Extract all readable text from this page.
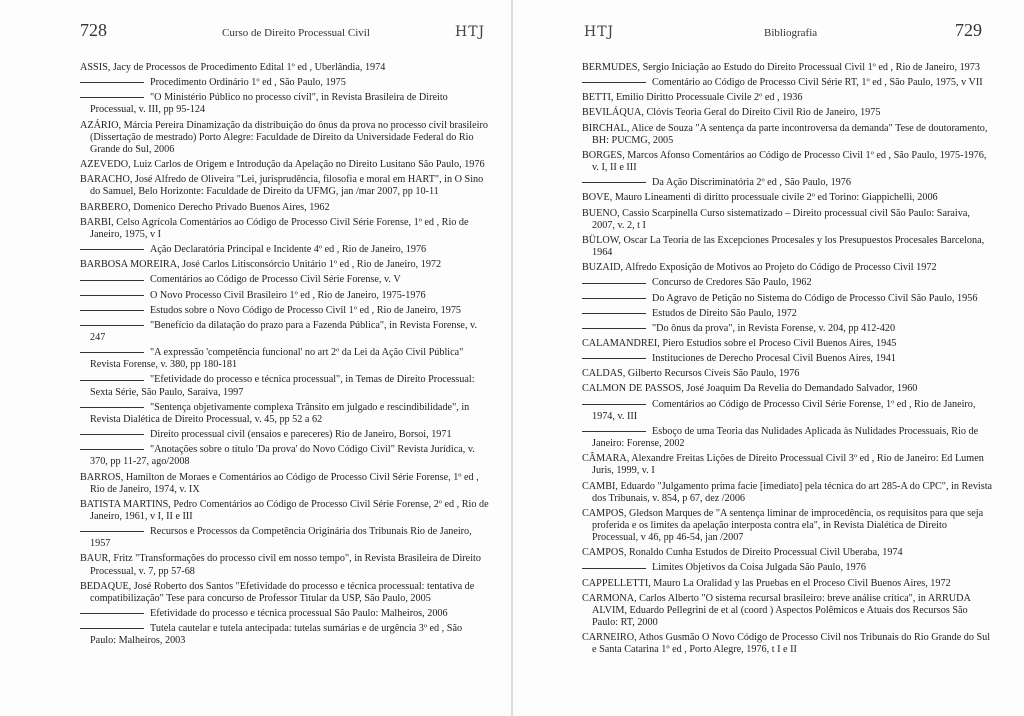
728	Curso de Direito Processual Civil	HTJ
ASSIS, Jacy de Processos de Procedimento Edital 1º ed , Uberlândia, 1974
Procedimento Ordinário 1º ed , São Paulo, 1975
"O Ministério Público no processo civil", in Revista Brasileira de Direito Processual, v. III, pp 95-124
AZÁRIO, Márcia Pereira Dinamização da distribuição do ônus da prova no processo civil brasileiro (Dissertação de mestrado) Porto Alegre: Faculdade de Direito da Universidade Federal do Rio Grande do Sul, 2006
AZEVEDO, Luiz Carlos de Origem e Introdução da Apelação no Direito Lusitano São Paulo, 1976
BARACHO, José Alfredo de Oliveira "Lei, jurisprudência, filosofia e moral em HART", in O Sino do Samuel, Belo Horizonte: Faculdade de Direito da UFMG, jan /mar 2007, pp 10-11
BARBERO, Domenico Derecho Privado Buenos Aires, 1962
BARBI, Celso Agrícola Comentários ao Código de Processo Civil Série Forense, 1º ed , Rio de Janeiro, 1975, v I
Ação Declaratória Principal e Incidente 4º ed , Rio de Janeiro, 1976
BARBOSA MOREIRA, José Carlos Litisconsórcio Unitário 1º ed , Rio de Janeiro, 1972
Comentários ao Código de Processo Civil Série Forense, v. V
O Novo Processo Civil Brasileiro 1º ed , Rio de Janeiro, 1975-1976
Estudos sobre o Novo Código de Processo Civil 1º ed , Rio de Janeiro, 1975
"Benefício da dilatação do prazo para a Fazenda Pública", in Revista Forense, v. 247
"A expressão 'competência funcional' no art 2º da Lei da Ação Civil Pública" Revista Forense, v. 380, pp 180-181
"Efetividade do processo e técnica processual", in Temas de Direito Processual: Sexta Série, São Paulo, Saraiva, 1997
"Sentença objetivamente complexa Trânsito em julgado e rescindibilidade", in Revista Dialética de Direito Processual, v. 45, pp 52 a 62
Direito processual civil (ensaios e pareceres) Rio de Janeiro, Borsoi, 1971
"Anotações sobre o título 'Da prova' do Novo Código Civil" Revista Jurídica, v. 370, pp 11-27, ago/2008
BARROS, Hamilton de Moraes e Comentários ao Código de Processo Civil Série Forense, 1º ed , Rio de Janeiro, 1974, v. IX
BATISTA MARTINS, Pedro Comentários ao Código de Processo Civil Série Forense, 2º ed , Rio de Janeiro, 1961, v I, II e III
Recursos e Processos da Competência Originária dos Tribunais Rio de Janeiro, 1957
BAUR, Fritz "Transformações do processo civil em nosso tempo", in Revista Brasileira de Direito Processual, v. 7, pp 57-68
BEDAQUE, José Roberto dos Santos "Efetividade do processo e técnica processual: tentativa de compatibilização" Tese para concurso de Professor Titular da USP, São Paulo, 2005
Efetividade do processo e técnica processual São Paulo: Malheiros, 2006
Tutela cautelar e tutela antecipada: tutelas sumárias e de urgência 3º ed , São Paulo: Malheiros, 2003
HTJ	Bibliografia	729
BERMUDES, Sergio Iniciação ao Estudo do Direito Processual Civil 1º ed , Rio de Janeiro, 1973
Comentário ao Código de Processo Civil Série RT, 1º ed , São Paulo, 1975, v VII
BETTI, Emilio Diritto Processuale Civile 2º ed , 1936
BEVILÁQUA, Clóvis Teoria Geral do Direito Civil Rio de Janeiro, 1975
BIRCHAL, Alice de Souza "A sentença da parte incontroversa da demanda" Tese de doutoramento, BH: PUCMG, 2005
BORGES, Marcos Afonso Comentários ao Código de Processo Civil 1º ed , São Paulo, 1975-1976, v. I, II e III
Da Ação Discriminatória 2º ed , São Paulo, 1976
BOVE, Mauro Lineamenti di diritto processuale civile 2º ed Torino: Giappichelli, 2006
BUENO, Cassio Scarpinella Curso sistematizado – Direito processual civil São Paulo: Saraiva, 2007, v. 2, t I
BÜLOW, Oscar La Teoria de las Excepciones Procesales y los Presupuestos Procesales Barcelona, 1964
BUZAID, Alfredo Exposição de Motivos ao Projeto do Código de Processo Civil 1972
Concurso de Credores São Paulo, 1962
Do Agravo de Petição no Sistema do Código de Processo Civil São Paulo, 1956
Estudos de Direito São Paulo, 1972
"Do ônus da prova", in Revista Forense, v. 204, pp 412-420
CALAMANDREI, Piero Estudios sobre el Proceso Civil Buenos Aires, 1945
Instituciones de Derecho Procesal Civil Buenos Aires, 1941
CALDAS, Gilberto Recursos Cíveis São Paulo, 1976
CALMON DE PASSOS, José Joaquim Da Revelia do Demandado Salvador, 1960
Comentários ao Código de Processo Civil Série Forense, 1º ed , Rio de Janeiro, 1974, v. III
Esboço de uma Teoria das Nulidades Aplicada às Nulidades Processuais, Rio de Janeiro: Forense, 2002
CÂMARA, Alexandre Freitas Lições de Direito Processual Civil 3º ed , Rio de Janeiro: Ed Lumen Juris, 1999, v. I
CAMBI, Eduardo "Julgamento prima facie [imediato] pela técnica do art 285-A do CPC", in Revista dos Tribunais, v. 854, p 67, dez /2006
CAMPOS, Gledson Marques de "A sentença liminar de improcedência, os requisitos para que seja proferida e os limites da apelação interposta contra ela", in Revista Dialética de Direito Processual, v 46, pp 46-54, jan /2007
CAMPOS, Ronaldo Cunha Estudos de Direito Processual Civil Uberaba, 1974
Limites Objetivos da Coisa Julgada São Paulo, 1976
CAPPELLETTI, Mauro La Oralidad y las Pruebas en el Proceso Civil Buenos Aires, 1972
CARMONA, Carlos Alberto "O sistema recursal brasileiro: breve análise crítica", in ARRUDA ALVIM, Eduardo Pellegrini de et al (coord ) Aspectos Polêmicos e Atuais dos Recursos São Paulo: RT, 2000
CARNEIRO, Athos Gusmão O Novo Código de Processo Civil nos Tribunais do Rio Grande do Sul e Santa Catarina 1º ed , Porto Alegre, 1976, t I e II
